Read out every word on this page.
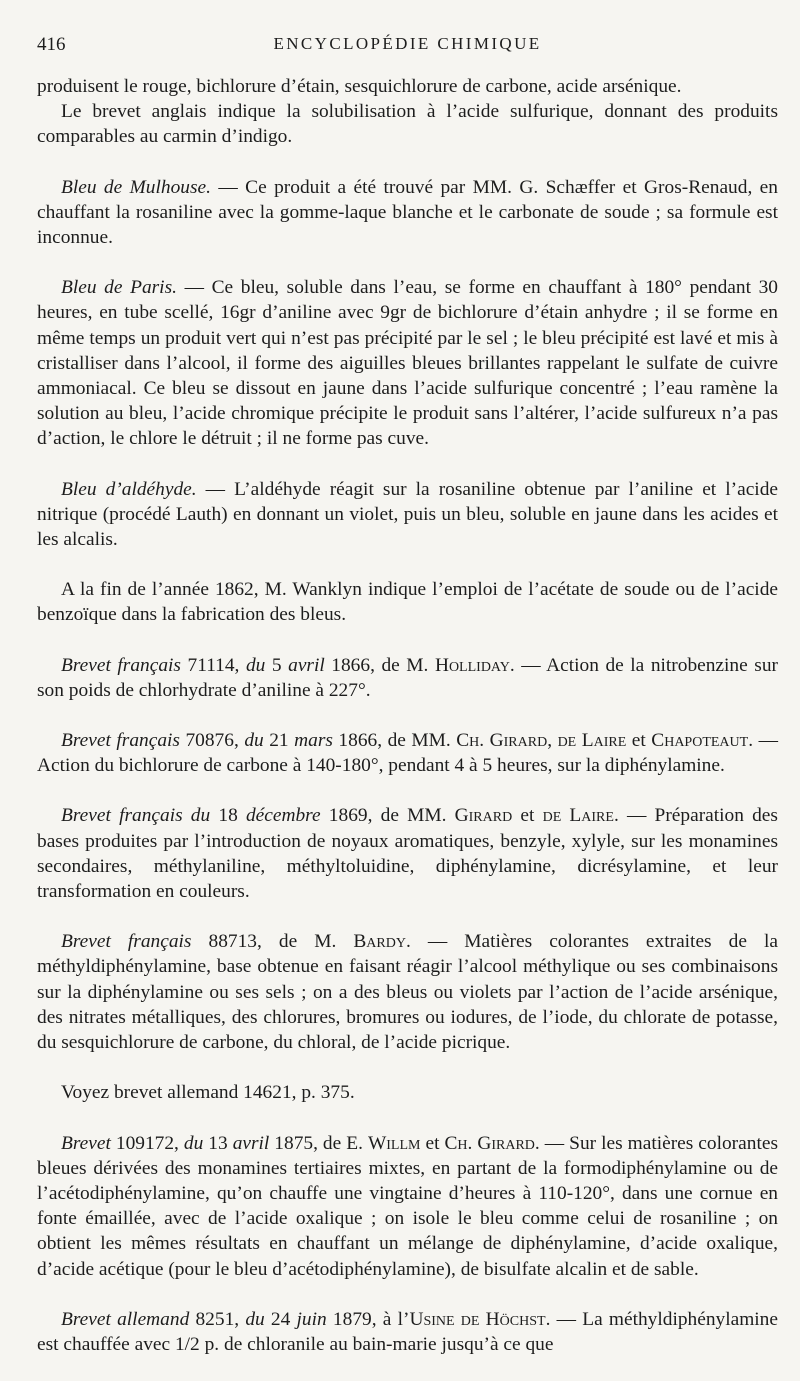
416	ENCYCLOPÉDIE CHIMIQUE

produisent le rouge, bichlorure d’étain, sesquichlorure de carbone, acide arsénique.

Le brevet anglais indique la solubilisation à l’acide sulfurique, donnant des produits comparables au carmin d’indigo.

Bleu de Mulhouse. — Ce produit a été trouvé par MM. G. Schæffer et Gros-Renaud, en chauffant la rosaniline avec la gomme-laque blanche et le carbonate de soude ; sa formule est inconnue.

Bleu de Paris. — Ce bleu, soluble dans l’eau, se forme en chauffant à 180° pendant 30 heures, en tube scellé, 16gr d’aniline avec 9gr de bichlorure d’étain anhydre ; il se forme en même temps un produit vert qui n’est pas précipité par le sel ; le bleu précipité est lavé et mis à cristalliser dans l’alcool, il forme des aiguilles bleues brillantes rappelant le sulfate de cuivre ammoniacal. Ce bleu se dissout en jaune dans l’acide sulfurique concentré ; l’eau ramène la solution au bleu, l’acide chromique précipite le produit sans l’altérer, l’acide sulfureux n’a pas d’action, le chlore le détruit ; il ne forme pas cuve.

Bleu d’aldéhyde. — L’aldéhyde réagit sur la rosaniline obtenue par l’aniline et l’acide nitrique (procédé Lauth) en donnant un violet, puis un bleu, soluble en jaune dans les acides et les alcalis.

A la fin de l’année 1862, M. Wanklyn indique l’emploi de l’acétate de soude ou de l’acide benzoïque dans la fabrication des bleus.

Brevet français 71114, du 5 avril 1866, de M. Holliday. — Action de la nitrobenzine sur son poids de chlorhydrate d’aniline à 227°.

Brevet français 70876, du 21 mars 1866, de MM. Ch. Girard, de Laire et Chapoteaut. — Action du bichlorure de carbone à 140-180°, pendant 4 à 5 heures, sur la diphénylamine.

Brevet français du 18 décembre 1869, de MM. Girard et de Laire. — Préparation des bases produites par l’introduction de noyaux aromatiques, benzyle, xylyle, sur les monamines secondaires, méthylaniline, méthyltoluidine, diphénylamine, dicrésylamine, et leur transformation en couleurs.

Brevet français 88713, de M. Bardy. — Matières colorantes extraites de la méthyldiphénylamine, base obtenue en faisant réagir l’alcool méthylique ou ses combinaisons sur la diphénylamine ou ses sels ; on a des bleus ou violets par l’action de l’acide arsénique, des nitrates métalliques, des chlorures, bromures ou iodures, de l’iode, du chlorate de potasse, du sesquichlorure de carbone, du chloral, de l’acide picrique.

Voyez brevet allemand 14621, p. 375.

Brevet 109172, du 13 avril 1875, de E. Willm et Ch. Girard. — Sur les matières colorantes bleues dérivées des monamines tertiaires mixtes, en partant de la formodiphénylamine ou de l’acétodiphénylamine, qu’on chauffe une vingtaine d’heures à 110-120°, dans une cornue en fonte émaillée, avec de l’acide oxalique ; on isole le bleu comme celui de rosaniline ; on obtient les mêmes résultats en chauffant un mélange de diphénylamine, d’acide oxalique, d’acide acétique (pour le bleu d’acétodiphénylamine), de bisulfate alcalin et de sable.

Brevet allemand 8251, du 24 juin 1879, à l’Usine de Höchst. — La méthyldiphénylamine est chauffée avec 1/2 p. de chloranile au bain-marie jusqu’à ce que
